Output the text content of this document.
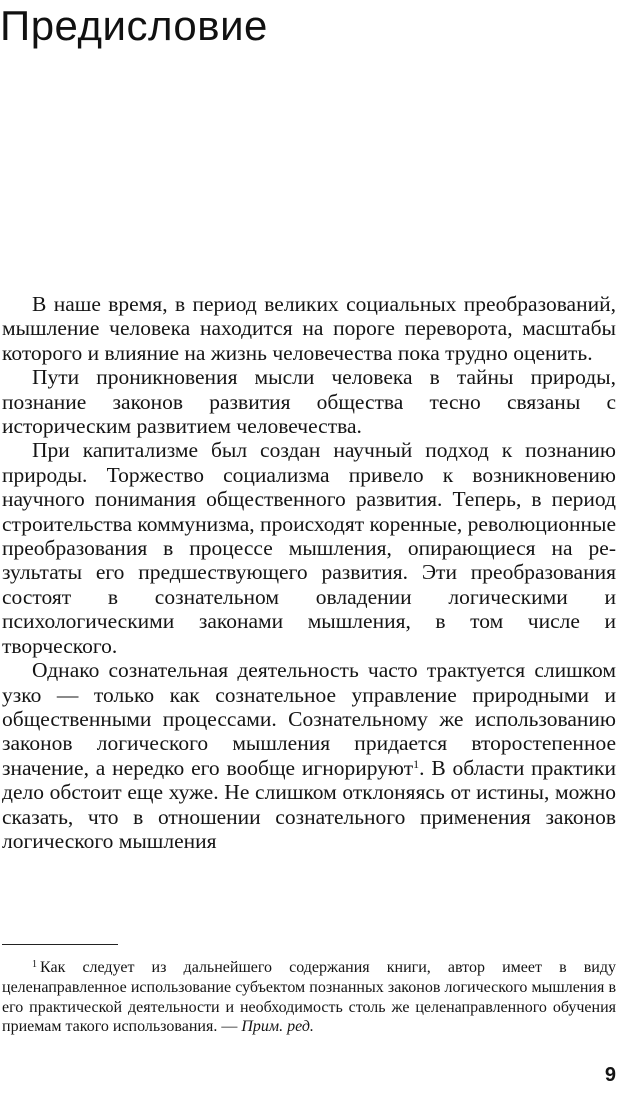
Предисловие

В наше время, в период великих социальных преобразований, мышление человека находится на пороге переворота, масштабы которого и влияние на жизнь человечества пока трудно оценить.

Пути проникновения мысли человека в тайны природы, познание законов развития общества тесно связаны с историческим развитием человечества.

При капитализме был создан научный подход к познанию природы. Торжество социализма привело к возникновению научного понимания общественного развития. Теперь, в период строительства коммунизма, происходят коренные, революционные преобразования в процессе мышления, опирающиеся на результаты его предшествующего развития. Эти преобразования состоят в сознательном овладении логическими и психологическими законами мышления, в том числе и творческого.

Однако сознательная деятельность часто трактуется слишком узко — только как сознательное управление природными и общественными процессами. Сознательному же использованию законов логического мышления придается второстепенное значение, а нередко его вообще игнорируют$^1$. В области практики дело обстоит еще хуже. Не слишком отклоняясь от истины, можно сказать, что в отношении сознательного применения законов логического мышления

$^1$ Как следует из дальнейшего содержания книги, автор имеет в виду целенаправленное использование субъектом познанных законов логического мышления в его практической деятельности и необходимость столь же целенаправленного обучения приемам такого использования. — Прим. ред.

9
